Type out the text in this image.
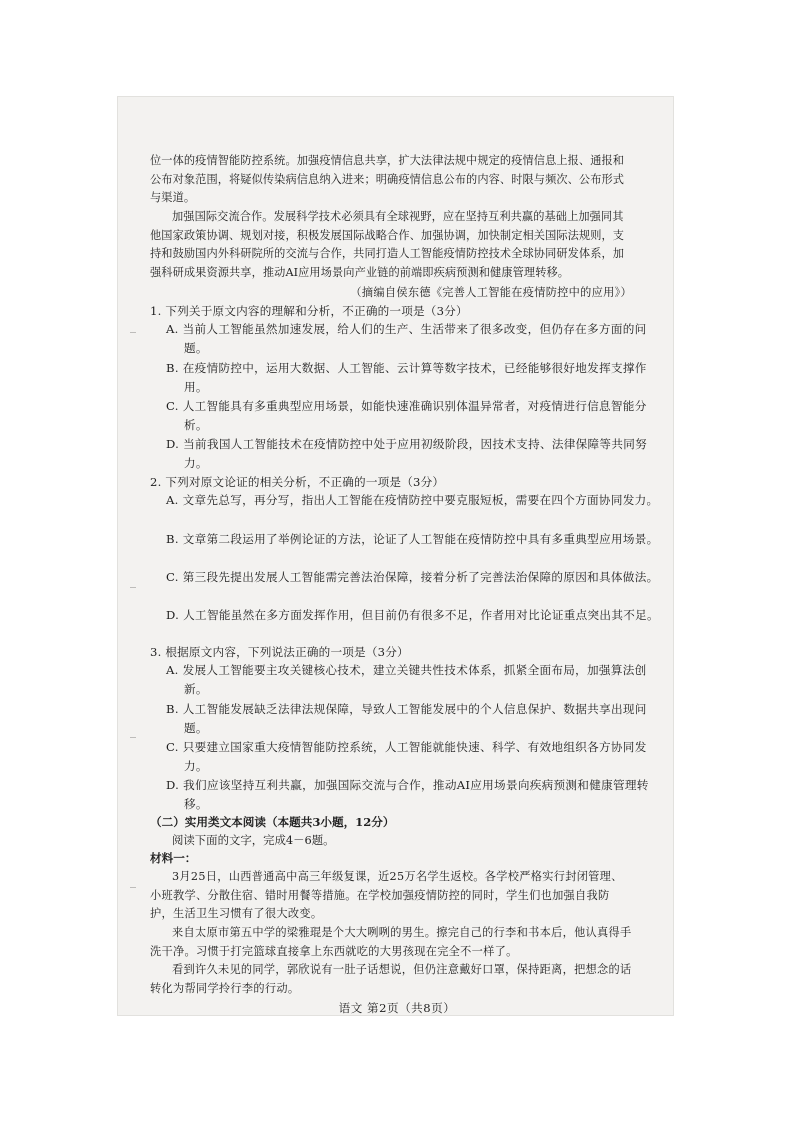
位一体的疫情智能防控系统。加强疫情信息共享，扩大法律法规中规定的疫情信息上报、通报和公布对象范围，将疑似传染病信息纳入进来；明确疫情信息公布的内容、时限与频次、公布形式与渠道。

加强国际交流合作。发展科学技术必须具有全球视野，应在坚持互利共赢的基础上加强同其他国家政策协调、规划对接，积极发展国际战略合作、加强协调，加快制定相关国际法规则，支持和鼓励国内外科研院所的交流与合作，共同打造人工智能疫情防控技术全球协同研发体系，加强科研成果资源共享，推动AI应用场景向产业链的前端即疾病预测和健康管理转移。

（摘编自侯东德《完善人工智能在疫情防控中的应用》）

1. 下列关于原文内容的理解和分析，不正确的一项是（3分）

A. 当前人工智能虽然加速发展，给人们的生产、生活带来了很多改变，但仍存在多方面的问题。

B. 在疫情防控中，运用大数据、人工智能、云计算等数字技术，已经能够很好地发挥支撑作用。

C. 人工智能具有多重典型应用场景，如能快速准确识别体温异常者，对疫情进行信息智能分析。

D. 当前我国人工智能技术在疫情防控中处于应用初级阶段，因技术支持、法律保障等共同努力。

2. 下列对原文论证的相关分析，不正确的一项是（3分）

A. 文章先总写，再分写，指出人工智能在疫情防控中要克服短板，需要在四个方面协同发力。

B. 文章第二段运用了举例论证的方法，论证了人工智能在疫情防控中具有多重典型应用场景。

C. 第三段先提出发展人工智能需完善法治保障，接着分析了完善法治保障的原因和具体做法。

D. 人工智能虽然在多方面发挥作用，但目前仍有很多不足，作者用对比论证重点突出其不足。

3. 根据原文内容，下列说法正确的一项是（3分）

A. 发展人工智能要主攻关键核心技术，建立关键共性技术体系，抓紧全面布局，加强算法创新。

B. 人工智能发展缺乏法律法规保障，导致人工智能发展中的个人信息保护、数据共享出现问题。

C. 只要建立国家重大疫情智能防控系统，人工智能就能快速、科学、有效地组织各方协同发力。

D. 我们应该坚持互利共赢，加强国际交流与合作，推动AI应用场景向疾病预测和健康管理转移。

（二）实用类文本阅读（本题共3小题，12分）
阅读下面的文字，完成4－6题。
材料一：

3月25日，山西普通高中高三年级复课，近25万名学生返校。各学校严格实行封闭管理、小班教学、分散住宿、错时用餐等措施。在学校加强疫情防控的同时，学生们也加强自我防护，生活卫生习惯有了很大改变。

来自太原市第五中学的梁雅琨是个大大咧咧的男生。擦完自己的行李和书本后，他认真得手洗干净。习惯于打完篮球直接拿上东西就吃的大男孩现在完全不一样了。

看到许久未见的同学，郭欣说有一肚子话想说，但仍注意戴好口罩，保持距离，把想念的话转化为帮同学拎行李的行动。

语文 第2页（共8页）
